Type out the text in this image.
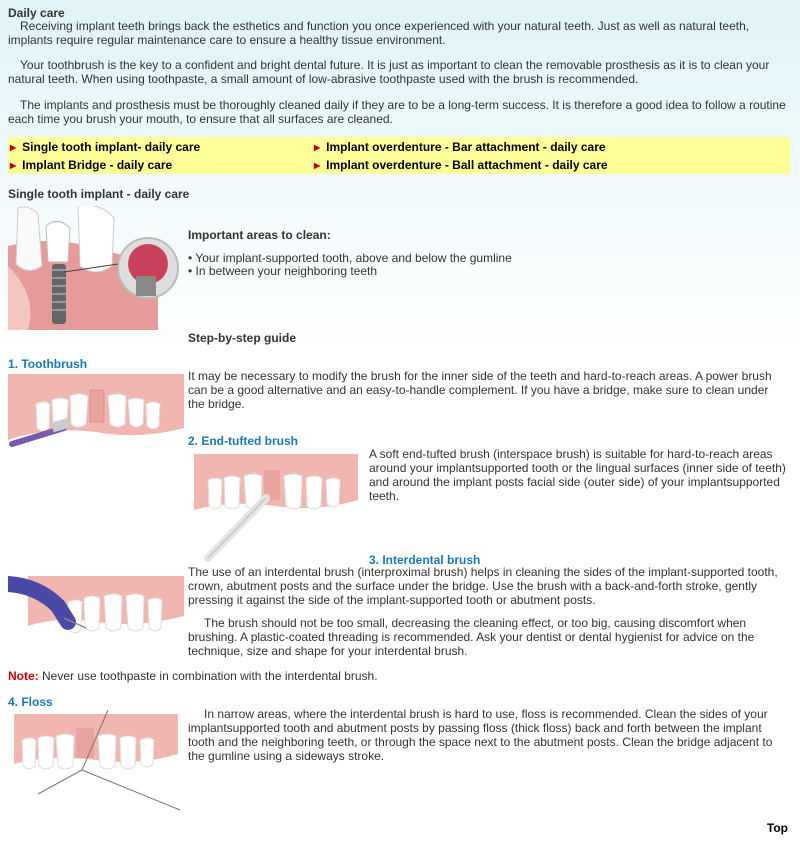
Daily care

Receiving implant teeth brings back the esthetics and function you once experienced with your natural teeth. Just as well as natural teeth, implants require regular maintenance care to ensure a healthy tissue environment.

Your toothbrush is the key to a confident and bright dental future. It is just as important to clean the removable prosthesis as it is to clean your natural teeth. When using toothpaste, a small amount of low-abrasive toothpaste used with the brush is recommended.

The implants and prosthesis must be thoroughly cleaned daily if they are to be a long-term success. It is therefore a good idea to follow a routine each time you brush your mouth, to ensure that all surfaces are cleaned.

▶ Single tooth implant- daily care	▶ Implant overdenture - Bar attachment - daily care
▶ Implant Bridge - daily care	▶ Implant overdenture - Ball attachment - daily care
Single tooth implant - daily care
Important areas to clean:
• Your implant-supported tooth, above and below the gumline
• In between your neighboring teeth
Step-by-step guide
1. Toothbrush

It may be necessary to modify the brush for the inner side of the teeth and hard-to-reach areas. A power brush can be a good alternative and an easy-to-handle complement. If you have a bridge, make sure to clean under the bridge.

2. End-tufted brush

A soft end-tufted brush (interspace brush) is suitable for hard-to-reach areas around your implantsupported tooth or the lingual surfaces (inner side of teeth) and around the implant posts facial side (outer side) of your implantsupported teeth.

3. Interdental brush

The use of an interdental brush (interproximal brush) helps in cleaning the sides of the implant-supported tooth, crown, abutment posts and the surface under the bridge. Use the brush with a back-and-forth stroke, gently pressing it against the side of the implant-supported tooth or abutment posts.

The brush should not be too small, decreasing the cleaning effect, or too big, causing discomfort when brushing. A plastic-coated threading is recommended. Ask your dentist or dental hygienist for advice on the technique, size and shape for your interdental brush.

Note: Never use toothpaste in combination with the interdental brush.
4. Floss

In narrow areas, where the interdental brush is hard to use, floss is recommended. Clean the sides of your implantsupported tooth and abutment posts by passing floss (thick floss) back and forth between the implant tooth and the neighboring teeth, or through the space next to the abutment posts. Clean the bridge adjacent to the gumline using a sideways stroke.

Top
